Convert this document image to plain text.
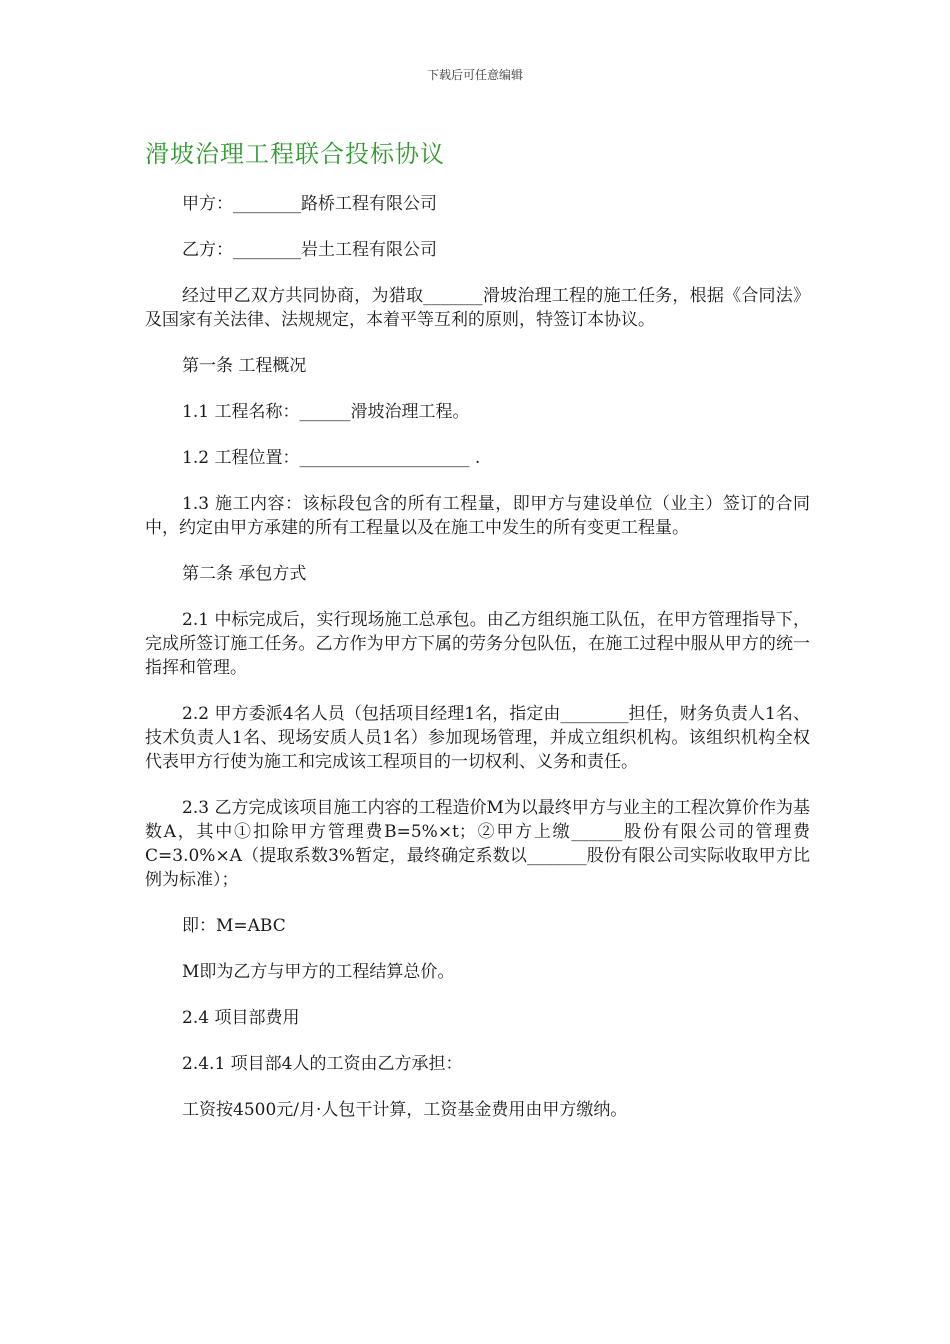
下载后可任意编辑
滑坡治理工程联合投标协议

甲方：________路桥工程有限公司

乙方：________岩土工程有限公司

经过甲乙双方共同协商，为猎取_______滑坡治理工程的施工任务，根据《合同法》及国家有关法律、法规规定，本着平等互利的原则，特签订本协议。

第一条 工程概况

1.1 工程名称：______滑坡治理工程。

1.2 工程位置：____________________ .

1.3 施工内容：该标段包含的所有工程量，即甲方与建设单位（业主）签订的合同中，约定由甲方承建的所有工程量以及在施工中发生的所有变更工程量。

第二条 承包方式

2.1 中标完成后，实行现场施工总承包。由乙方组织施工队伍，在甲方管理指导下，完成所签订施工任务。乙方作为甲方下属的劳务分包队伍，在施工过程中服从甲方的统一指挥和管理。

2.2 甲方委派4名人员（包括项目经理1名，指定由________担任，财务负责人1名、技术负责人1名、现场安质人员1名）参加现场管理，并成立组织机构。该组织机构全权代表甲方行使为施工和完成该工程项目的一切权利、义务和责任。

2.3 乙方完成该项目施工内容的工程造价M为以最终甲方与业主的工程次算价作为基数A，其中①扣除甲方管理费B=5%×t；②甲方上缴______股份有限公司的管理费C=3.0%×A（提取系数3%暂定，最终确定系数以_______股份有限公司实际收取甲方比例为标准）；

即：M=ABC

M即为乙方与甲方的工程结算总价。

2.4 项目部费用

2.4.1 项目部4人的工资由乙方承担：

工资按4500元/月·人包干计算，工资基金费用由甲方缴纳。
